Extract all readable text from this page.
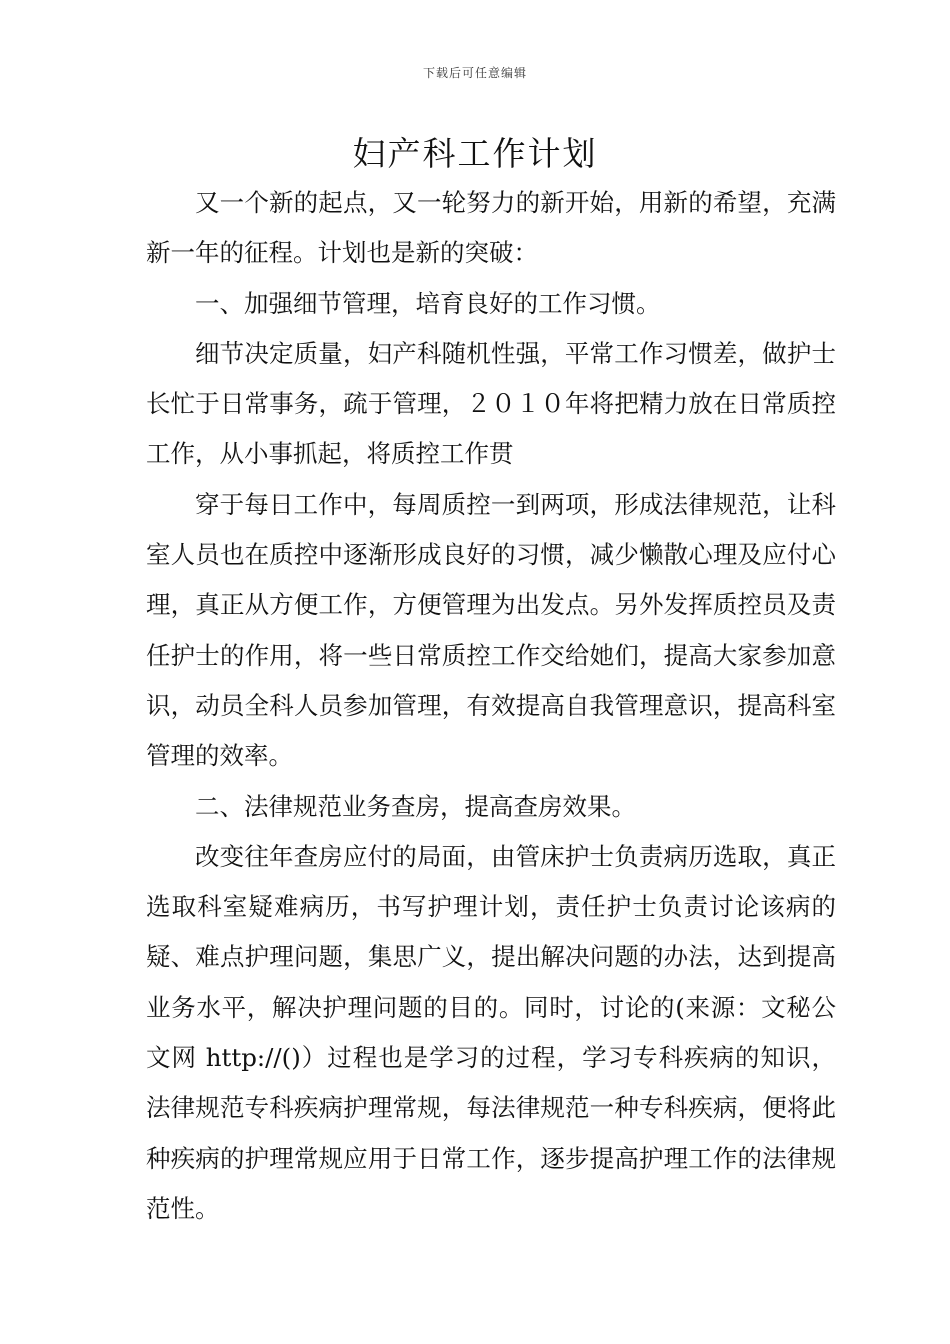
下载后可任意编辑
妇产科工作计划

又一个新的起点，又一轮努力的新开始，用新的希望，充满新一年的征程。计划也是新的突破：

一、加强细节管理，培育良好的工作习惯。

细节决定质量，妇产科随机性强，平常工作习惯差，做护士长忙于日常事务，疏于管理，２０１０年将把精力放在日常质控工作，从小事抓起，将质控工作贯

穿于每日工作中，每周质控一到两项，形成法律规范，让科室人员也在质控中逐渐形成良好的习惯，减少懒散心理及应付心理，真正从方便工作，方便管理为出发点。另外发挥质控员及责任护士的作用，将一些日常质控工作交给她们，提高大家参加意识，动员全科人员参加管理，有效提高自我管理意识，提高科室管理的效率。

二、法律规范业务查房，提高查房效果。

改变往年查房应付的局面，由管床护士负责病历选取，真正选取科室疑难病历，书写护理计划，责任护士负责讨论该病的疑、难点护理问题，集思广义，提出解决问题的办法，达到提高业务水平，解决护理问题的目的。同时，讨论的(来源：文秘公文网 http://()）过程也是学习的过程，学习专科疾病的知识，法律规范专科疾病护理常规，每法律规范一种专科疾病，便将此种疾病的护理常规应用于日常工作，逐步提高护理工作的法律规范性。
